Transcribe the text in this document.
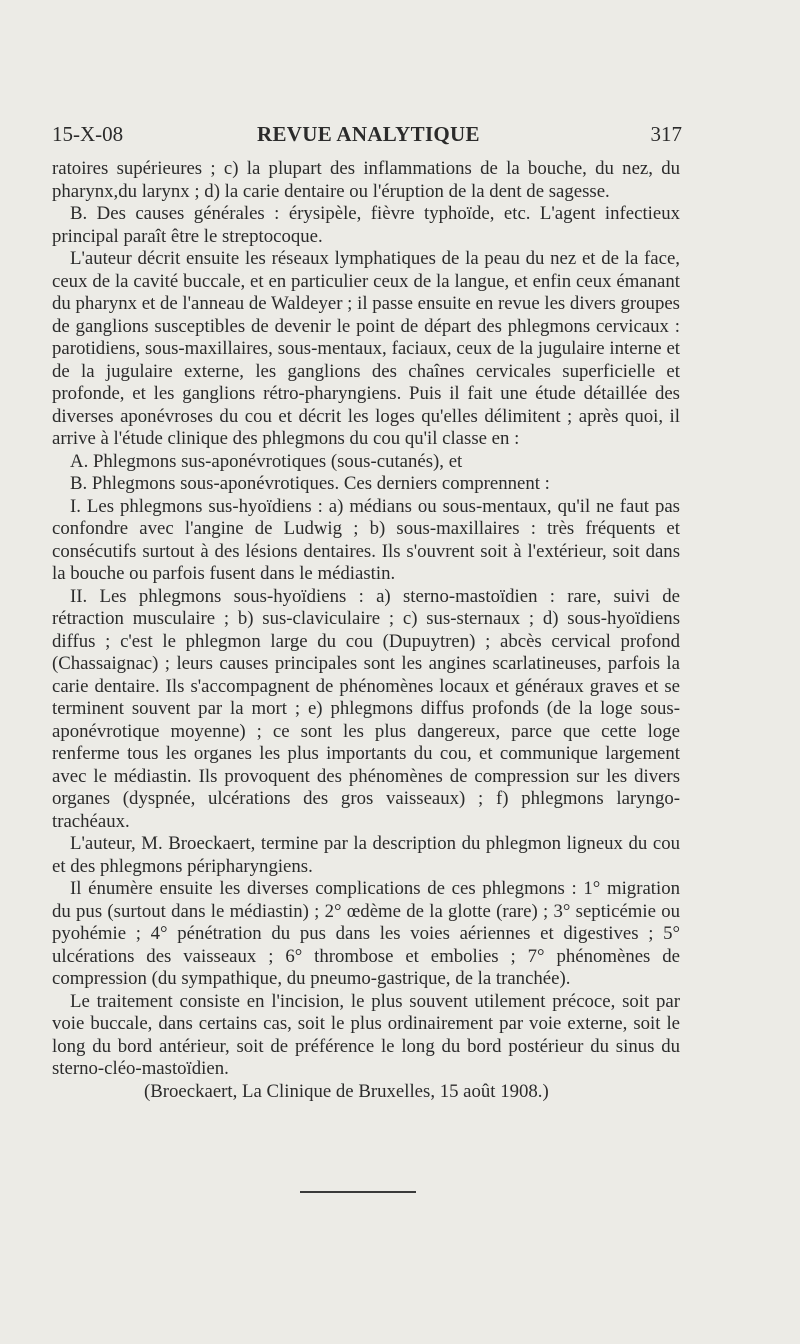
15-X-08	REVUE ANALYTIQUE	317

ratoires supérieures ; c) la plupart des inflammations de la bouche, du nez, du pharynx,du larynx ; d) la carie dentaire ou l'éruption de la dent de sagesse.

B. Des causes générales : érysipèle, fièvre typhoïde, etc. L'agent infectieux principal paraît être le streptocoque.

L'auteur décrit ensuite les réseaux lymphatiques de la peau du nez et de la face, ceux de la cavité buccale, et en particulier ceux de la langue, et enfin ceux émanant du pharynx et de l'anneau de Waldeyer ; il passe ensuite en revue les divers groupes de ganglions susceptibles de devenir le point de départ des phlegmons cervicaux : parotidiens, sous-maxillaires, sous-mentaux, faciaux, ceux de la jugulaire interne et de la jugulaire externe, les ganglions des chaînes cervicales superficielle et profonde, et les ganglions rétro-pharyngiens. Puis il fait une étude détaillée des diverses aponévroses du cou et décrit les loges qu'elles délimitent ; après quoi, il arrive à l'étude clinique des phlegmons du cou qu'il classe en :

A. Phlegmons sus-aponévrotiques (sous-cutanés), et

B. Phlegmons sous-aponévrotiques. Ces derniers comprennent :

I. Les phlegmons sus-hyoïdiens : a) médians ou sous-mentaux, qu'il ne faut pas confondre avec l'angine de Ludwig ; b) sous-maxillaires : très fréquents et consécutifs surtout à des lésions dentaires. Ils s'ouvrent soit à l'extérieur, soit dans la bouche ou parfois fusent dans le médiastin.

II. Les phlegmons sous-hyoïdiens : a) sterno-mastoïdien : rare, suivi de rétraction musculaire ; b) sus-claviculaire ; c) sus-sternaux ; d) sous-hyoïdiens diffus ; c'est le phlegmon large du cou (Dupuytren) ; abcès cervical profond (Chassaignac) ; leurs causes principales sont les angines scarlatineuses, parfois la carie dentaire. Ils s'accompagnent de phénomènes locaux et généraux graves et se terminent souvent par la mort ; e) phlegmons diffus profonds (de la loge sous-aponévrotique moyenne) ; ce sont les plus dangereux, parce que cette loge renferme tous les organes les plus importants du cou, et communique largement avec le médiastin. Ils provoquent des phénomènes de compression sur les divers organes (dyspnée, ulcérations des gros vaisseaux) ; f) phlegmons laryngo-trachéaux.

L'auteur, M. Broeckaert, termine par la description du phlegmon ligneux du cou et des phlegmons péripharyngiens.

Il énumère ensuite les diverses complications de ces phlegmons : 1° migration du pus (surtout dans le médiastin) ; 2° œdème de la glotte (rare) ; 3° septicémie ou pyohémie ; 4° pénétration du pus dans les voies aériennes et digestives ; 5° ulcérations des vaisseaux ; 6° thrombose et embolies ; 7° phénomènes de compression (du sympathique, du pneumo-gastrique, de la tranchée).

Le traitement consiste en l'incision, le plus souvent utilement précoce, soit par voie buccale, dans certains cas, soit le plus ordinairement par voie externe, soit le long du bord antérieur, soit de préférence le long du bord postérieur du sinus du sterno-cléo-mastoïdien.

(Broeckaert, La Clinique de Bruxelles, 15 août 1908.)
